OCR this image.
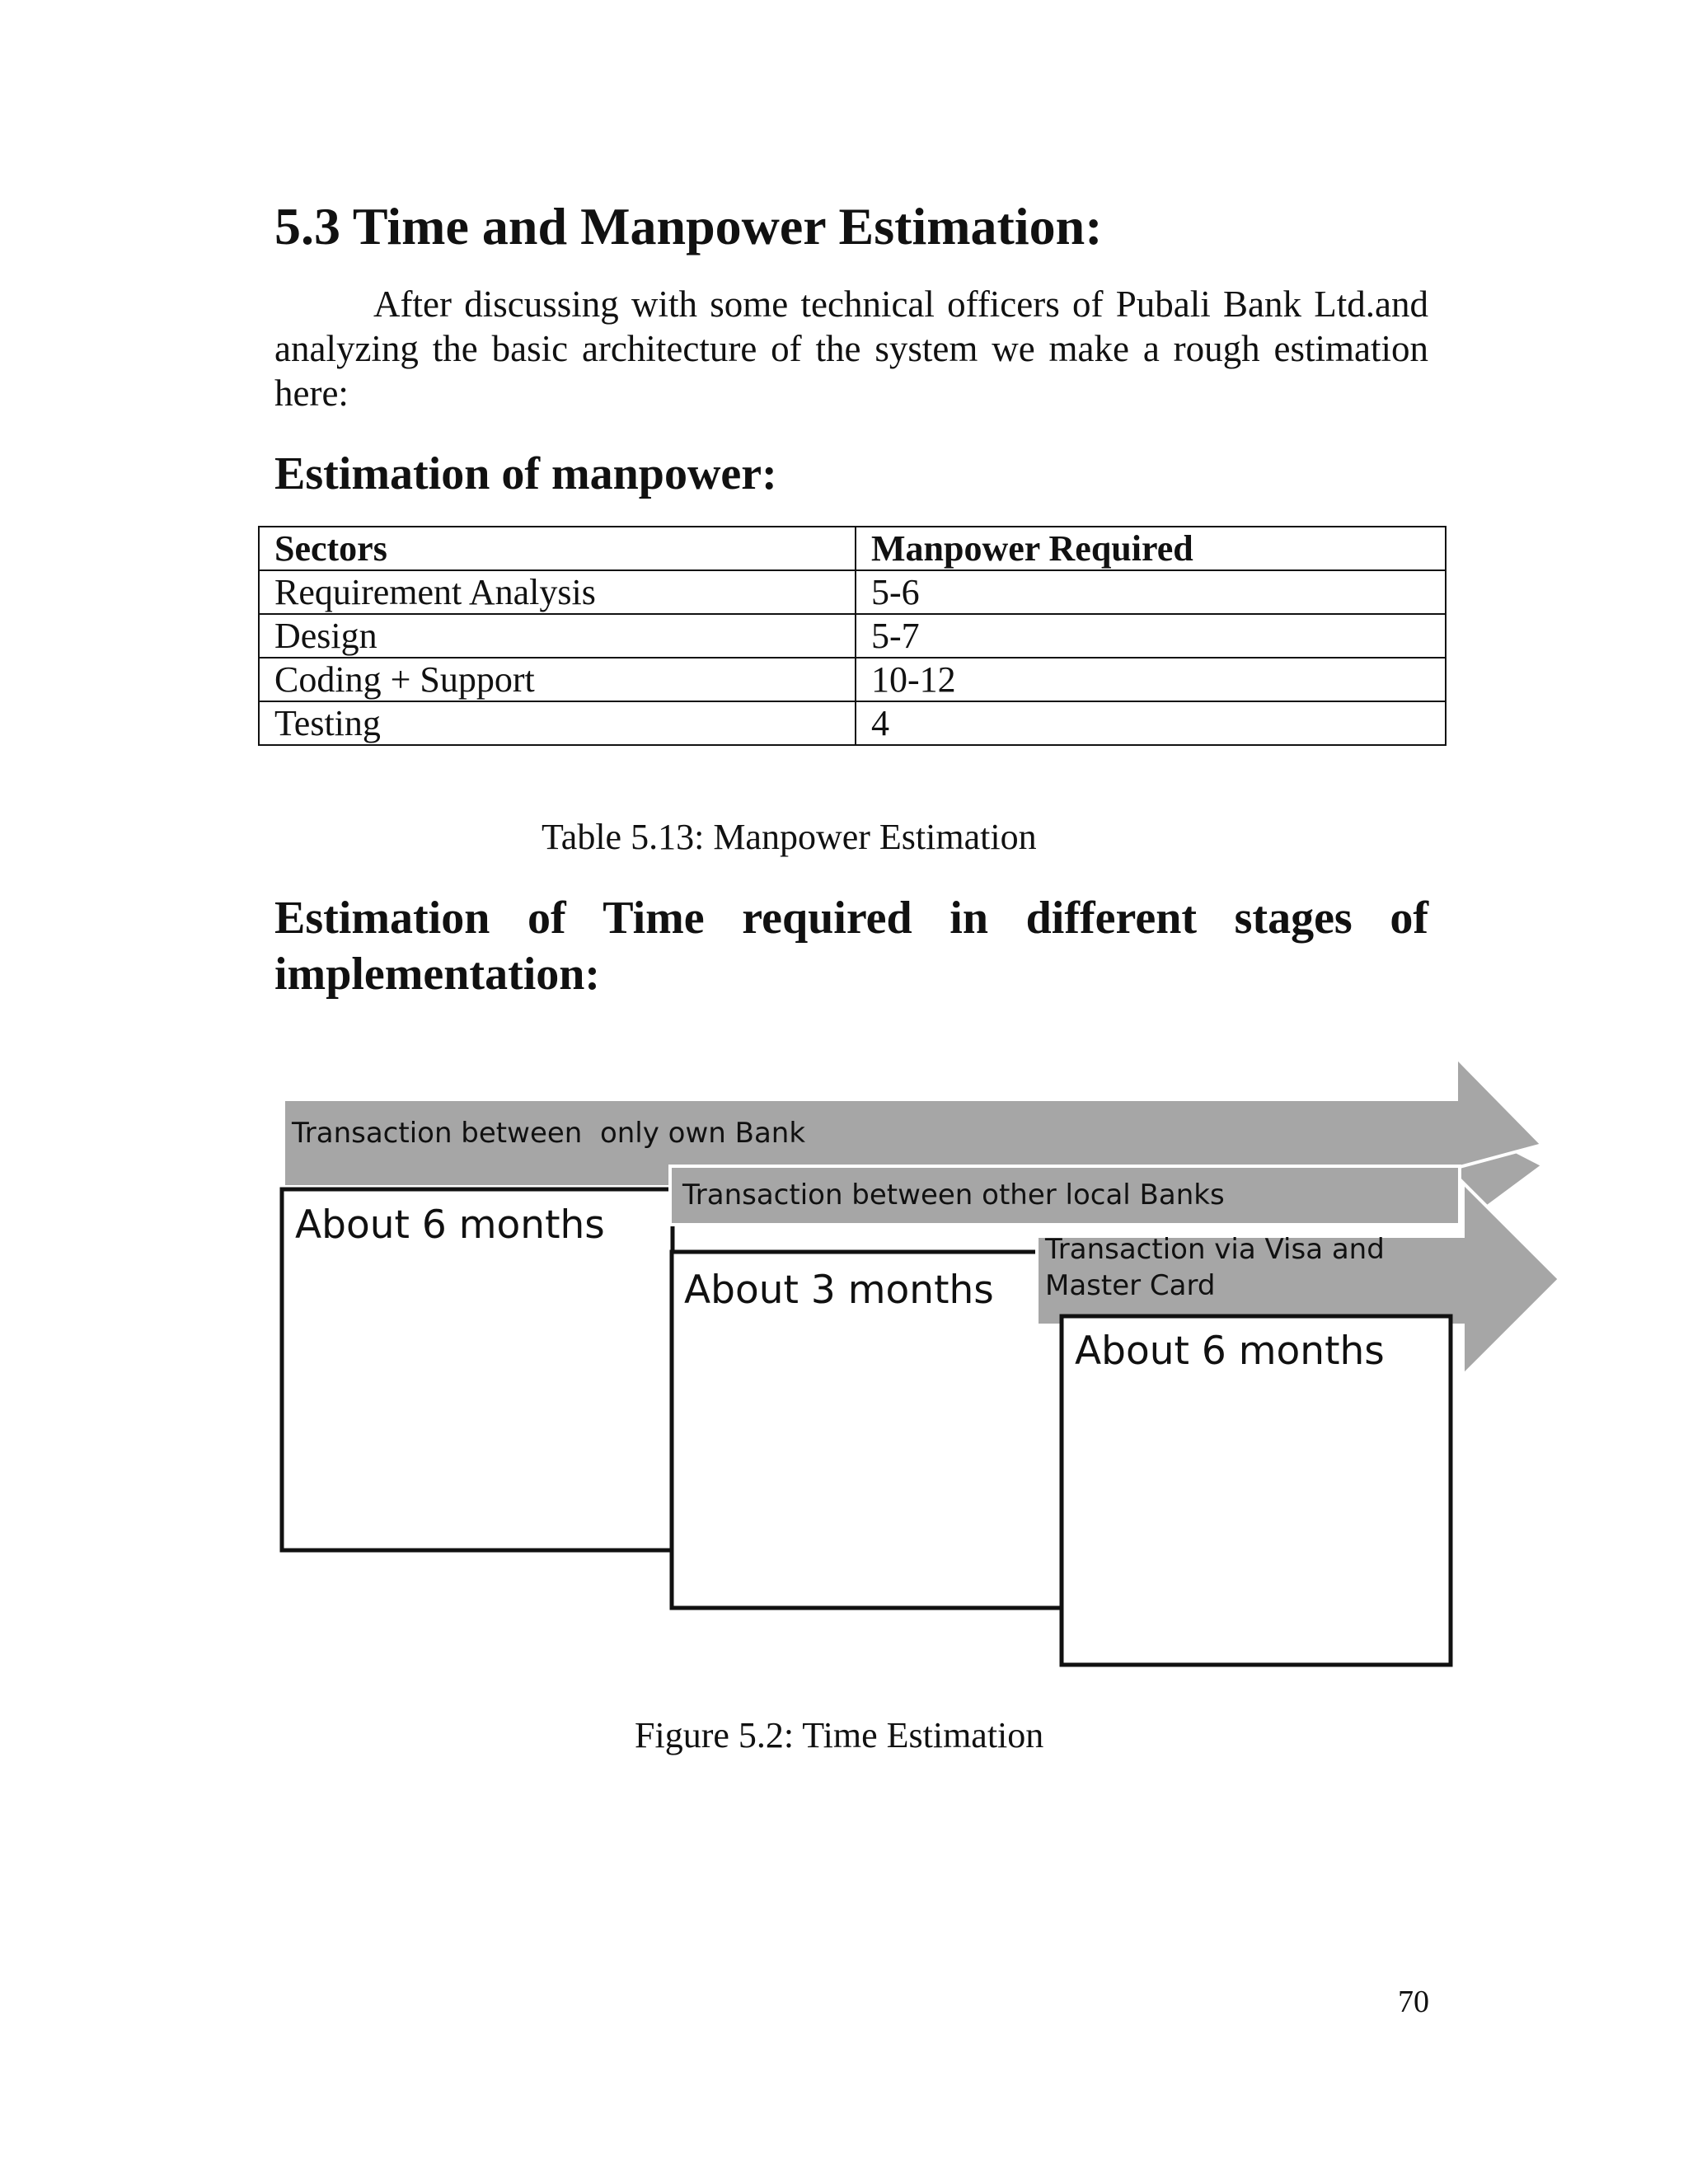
5.3 Time and Manpower Estimation:

After discussing with some technical officers of Pubali Bank Ltd.and analyzing the basic architecture of the system we make a rough estimation here:

Estimation of manpower:
Sectors	Manpower Required
Requirement Analysis	5-6
Design	5-7
Coding + Support	10-12
Testing	4
Table 5.13: Manpower Estimation
Estimation of Time required in different stages of
implementation:
Transaction between  only own Bank
Transaction between other local Banks
Transaction via Visa and
Master Card
About 6 months
About 3 months
About 6 months
Figure 5.2: Time Estimation
70
